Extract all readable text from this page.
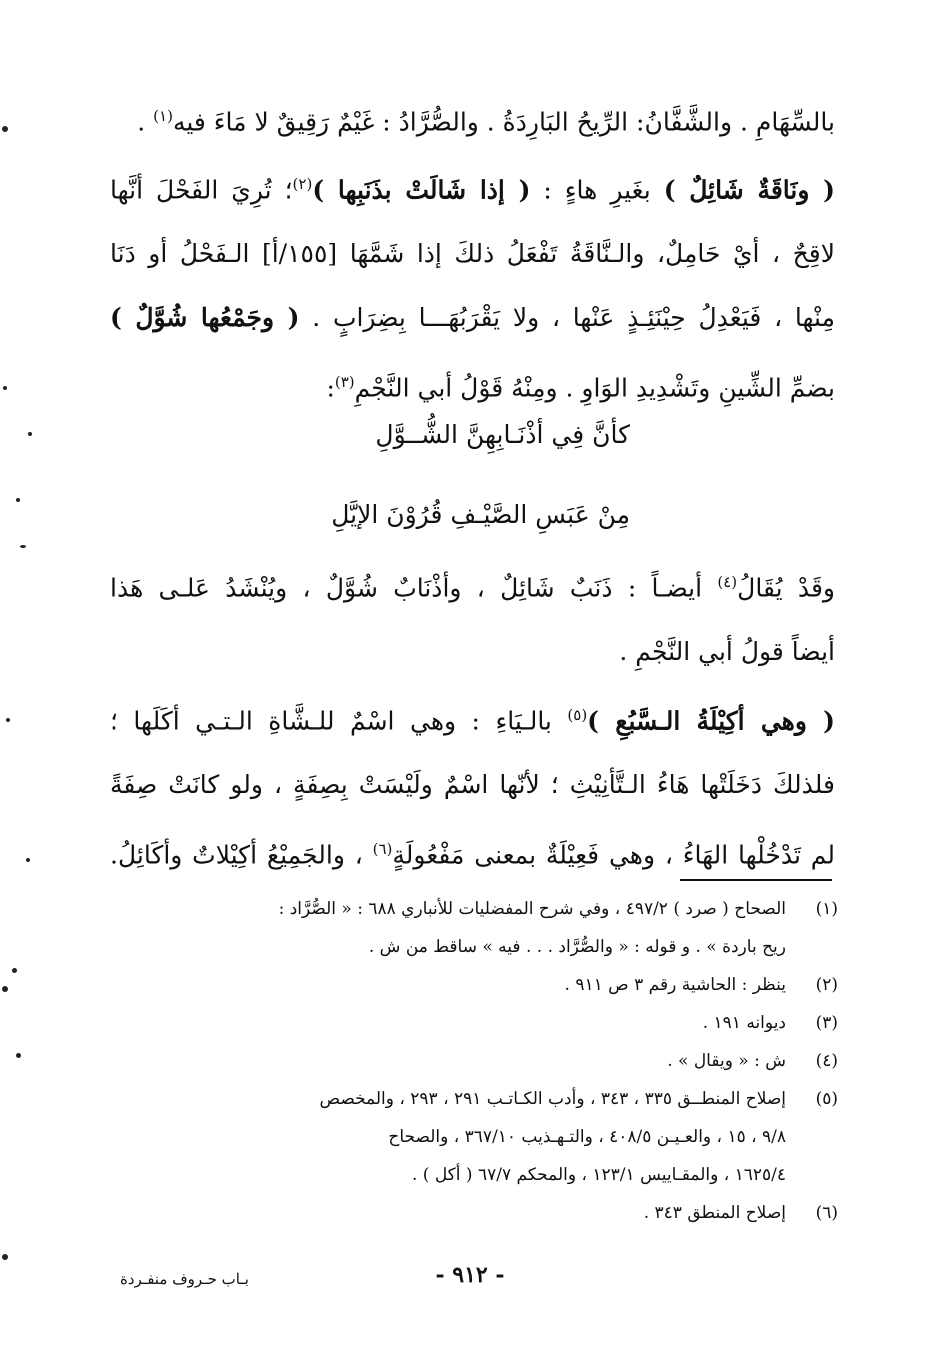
بالسِّهَامِ . والشَّفَّانُ: الرِّيحُ البَارِدَةُ . والصُّرَّادُ : غَيْمٌ رَقِيقٌ لا مَاءَ فيه$^{(١)}$ .
( ونَاقَةٌ شَائِلٌ ) بغَيرِ هاءٍ : ( إذا شَالَتْ بذَنَبِها )$^{(٢)}$؛ تُرِيَ الفَحْلَ أنَّها
لاقِحٌ ، أيْ حَامِلٌ، والـنَّاقَةُ تَفْعَلُ ذلكَ إذا شَمَّهَا [١٥٥/أ] الـفَحْلُ أو دَنَا
مِنْها ، فَيَعْدِلُ حِيْنَئِـذٍ عَنْها ، ولا يَقْرَبُهَـــا بِضِرَابٍ . ( وجَمْعُها شُوَّلٌ )
بضمِّ الشِّينِ وتَشْدِيدِ الوَاوِ . ومِنْهُ قَوْلُ أبي النَّجْمِ$^{(٣)}$:
كأنَّ فِي أذْنَـابِهِنَّ الشُّــوَّلِ
مِنْ عَبَسِ الصَّيْـفِ قُرُوْنَ الإيَّلِ
وقَدْ يُقَالُ$^{(٤)}$ أيضـاً : ذَنَبٌ شَائِلٌ ، وأذْنَابٌ شُوَّلٌ ، ويُنْشَدُ عَلـى هَذا
أيضاً قولُ أبي النَّجْمِ .
( وهي أكِيْلَةُ الـسَّبُعِ )$^{(٥)}$ بالـيَاءِ : وهي اسْمٌ للـشَّاةِ الـتـي أكَلَها ؛
فلذلكَ دَخَلَتْها هَاءُ الـتَّأنِيْثِ ؛ لأنّها اسْمٌ ولَيْسَتْ بِصِفَةٍ ، ولو كانَتْ صِفَةً
لم تَدْخُلْها الهَاءُ ، وهي فَعِيْلَةٌ بمعنى مَفْعُولَةٍ$^{(٦)}$ ، والجَمِيْعُ أكِيْلاتٌ وأكَائِلُ.
(١)الصحاح ( صرد ) ٤٩٧/٢ ، وفي شرح المفضليات للأنباري ٦٨٨ : « الصُّرَّاد :
ريح باردة » . و قوله : « والصُّرَّاد . . . فيه » ساقط من ش .
(٢)ينظر : الحاشية رقم ٣ ص ٩١١ .
(٣)ديوانه ١٩١ .
(٤)ش : « ويقال » .
(٥)إصلاح المنطــق ٣٣٥ ، ٣٤٣ ، وأدب الكـاتـب ٢٩١ ، ٢٩٣ ، والمخصص
٩/٨ ، ١٥ ، والعـيـن ٤٠٨/٥ ، والتـهـذيب ٣٦٧/١٠ ، والصحاح
١٦٢٥/٤ ، والمقـاييس ١٢٣/١ ، والمحكم ٦٧/٧ ( أكل ) .
(٦)إصلاح المنطق ٣٤٣ .
- ٩١٢ -
بـاب حـروف منفـردة
